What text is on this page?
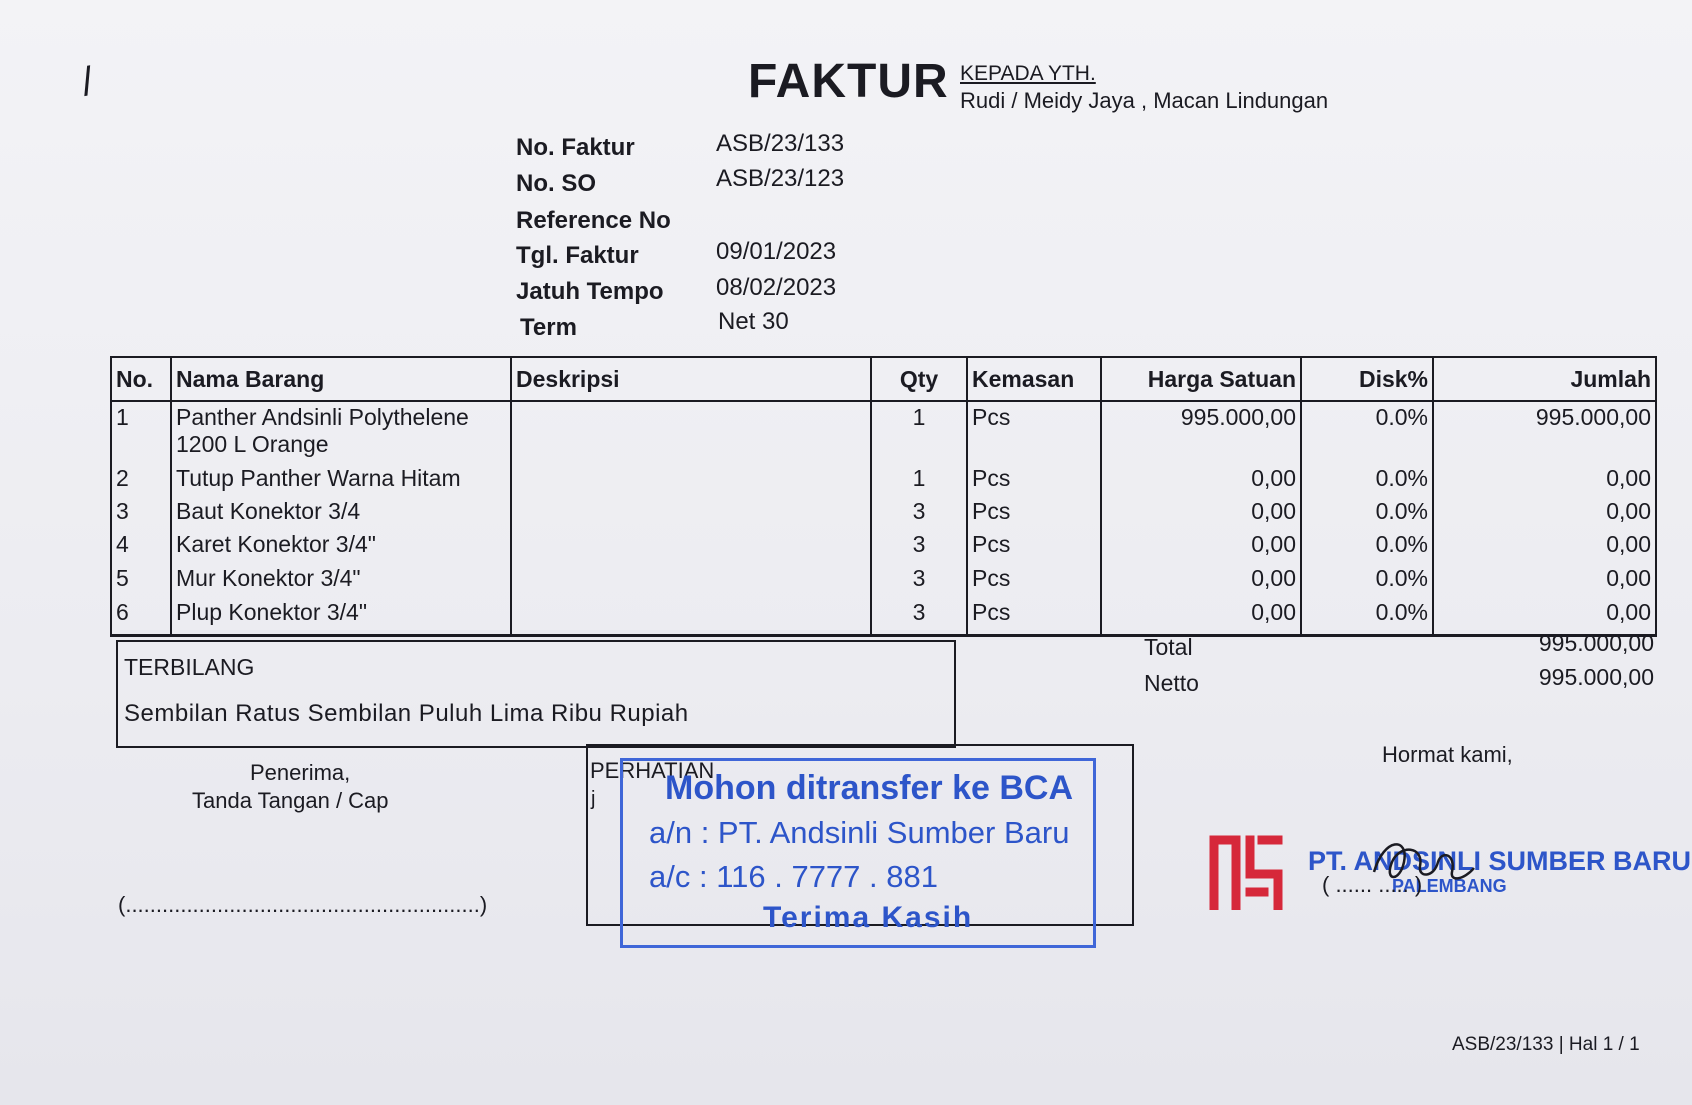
/	FAKTUR KEPADA YTH.
Rudi / Meidy Jaya , Macan Lindungan
No. Faktur	ASB/23/133
No. SO	ASB/23/123
Reference No
Tgl. Faktur	09/01/2023
Jatuh Tempo 08/02/2023
Term	Net 30
No.	Nama Barang	Deskripsi	Qty	Kemasan	Harga Satuan	Disk%	Jumlah
1	Panther Andsinli Polythelene 1200 L Orange		1	Pcs	995.000,00	0.0%	995.000,00
2	Tutup Panther Warna Hitam		1	Pcs	0,00	0.0%	0,00
3	Baut Konektor 3/4		3	Pcs	0,00	0.0%	0,00
4	Karet Konektor 3/4"		3	Pcs	0,00	0.0%	0,00
5	Mur Konektor 3/4"		3	Pcs	0,00	0.0%	0,00
6	Plup Konektor 3/4"		3	Pcs	0,00	0.0%	0,00
TERBILANG
Sembilan Ratus Sembilan Puluh Lima Ribu Rupiah
Total	995.000,00
Netto	995.000,00
Penerima,
Tanda Tangan / Cap
(..........................................................)
PERHATIAN
j Mohon ditransfer ke BCA
a/n : PT. Andsinli Sumber Baru
a/c : 116 . 7777 . 881
Terima Kasih
Hormat kami,
PT. ANDSINLI SUMBER BARU
PALEMBANG
( ...... ..... )
ASB/23/133 | Hal 1 / 1
